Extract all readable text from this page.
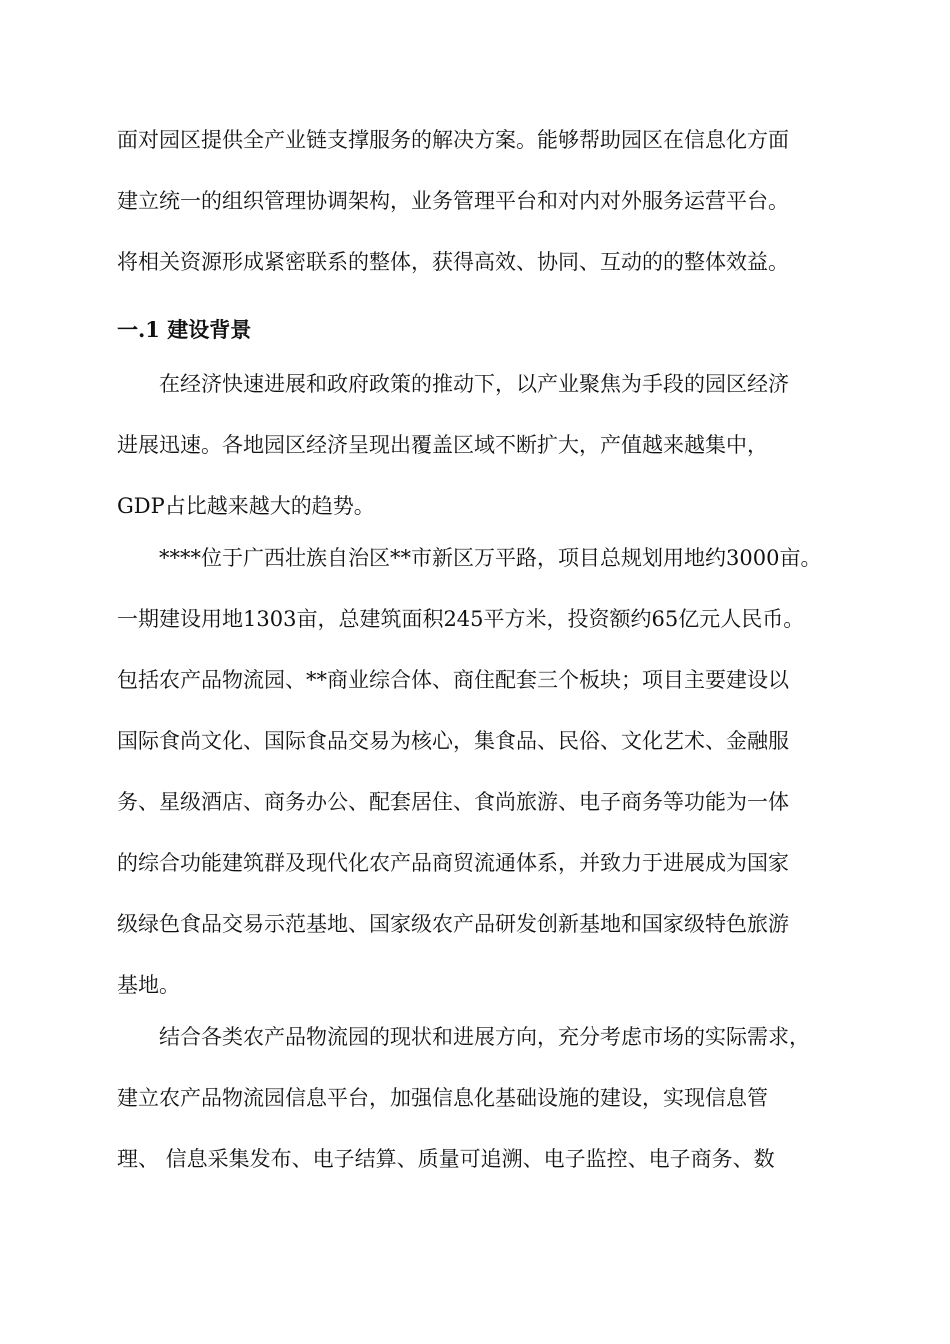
面对园区提供全产业链支撑服务的解决方案。能够帮助园区在信息化方面
建立统一的组织管理协调架构，业务管理平台和对内对外服务运营平台。
将相关资源形成紧密联系的整体，获得高效、协同、互动的的整体效益。
一.1 建设背景
在经济快速进展和政府政策的推动下，以产业聚焦为手段的园区经济
进展迅速。各地园区经济呈现出覆盖区域不断扩大，产值越来越集中，
GDP占比越来越大的趋势。
****位于广西壮族自治区**市新区万平路，项目总规划用地约3000亩。
一期建设用地1303亩，总建筑面积245平方米，投资额约65亿元人民币。
包括农产品物流园、**商业综合体、商住配套三个板块；项目主要建设以
国际食尚文化、国际食品交易为核心，集食品、民俗、文化艺术、金融服
务、星级酒店、商务办公、配套居住、食尚旅游、电子商务等功能为一体
的综合功能建筑群及现代化农产品商贸流通体系，并致力于进展成为国家
级绿色食品交易示范基地、国家级农产品研发创新基地和国家级特色旅游
基地。
结合各类农产品物流园的现状和进展方向，充分考虑市场的实际需求，
建立农产品物流园信息平台，加强信息化基础设施的建设，实现信息管
理、 信息采集发布、电子结算、质量可追溯、电子监控、电子商务、数
